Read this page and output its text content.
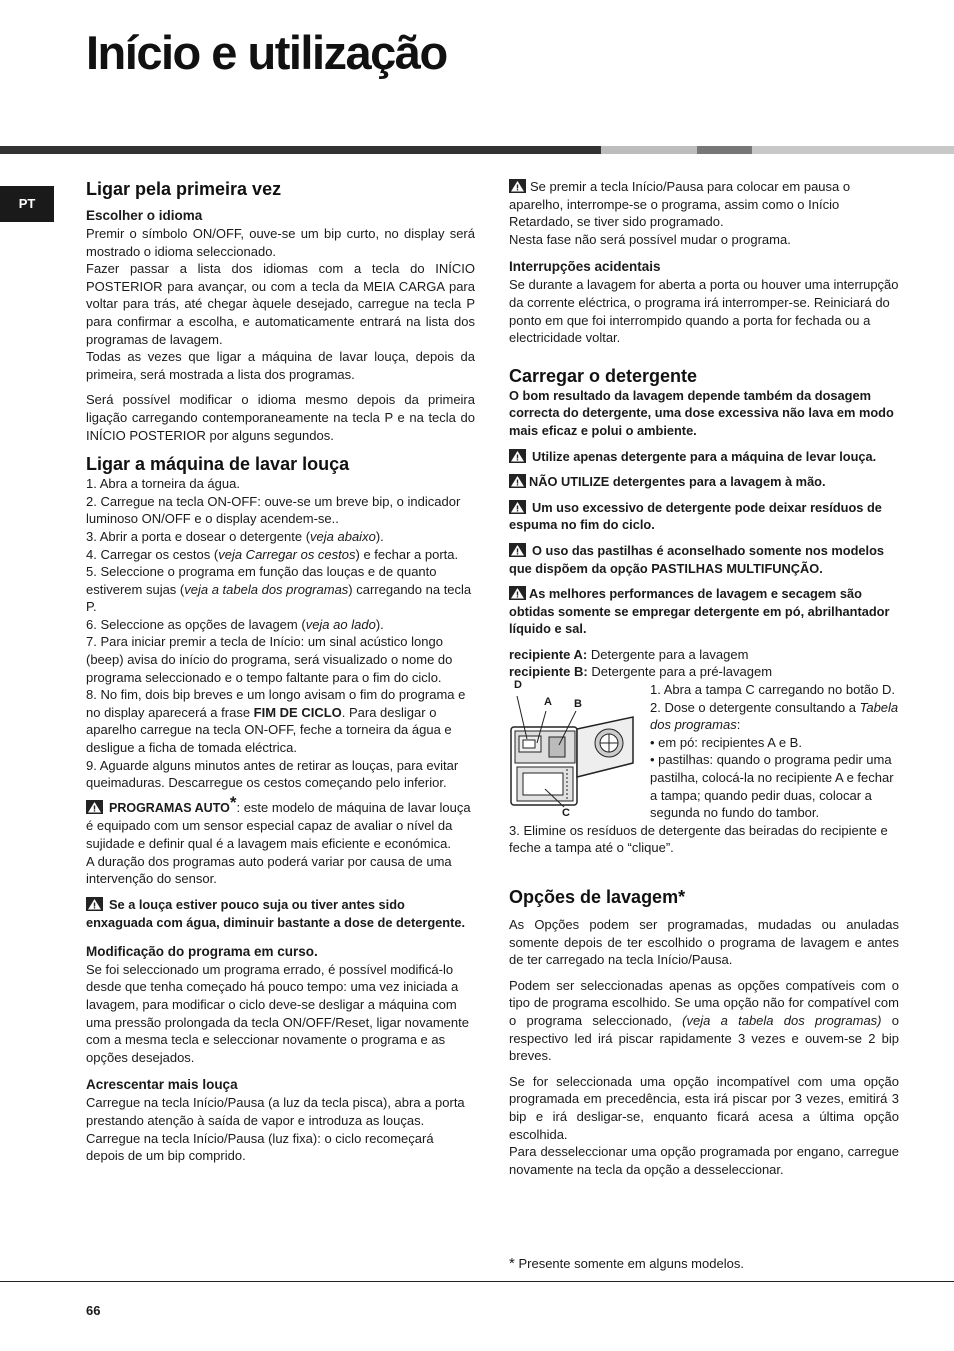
Início e utilização
PT
Ligar pela primeira vez
Escolher o idioma

Premir o símbolo ON/OFF, ouve-se um bip curto, no display será mostrado o idioma seleccionado.

Fazer passar a lista dos idiomas com a tecla do INÍCIO POSTERIOR para avançar, ou com a tecla da MEIA CARGA para voltar para trás, até chegar àquele desejado, carregue na tecla P para confirmar a escolha, e automaticamente entrará na lista dos programas de lavagem.

Todas as vezes que ligar a máquina de lavar louça, depois da primeira, será mostrada a lista dos programas.

Será possível modificar o idioma mesmo depois da primeira ligação carregando contemporaneamente na tecla P e na tecla do INÍCIO POSTERIOR por alguns segundos.

Ligar a máquina de lavar louça

1. Abra a torneira da água.

2. Carregue na tecla ON-OFF: ouve-se um breve bip, o indicador luminoso ON/OFF e o display acendem-se..

3. Abrir a porta e dosear o detergente (veja abaixo).

4. Carregar os cestos (veja Carregar os cestos) e fechar a porta.

5. Seleccione o programa em função das louças e de quanto estiverem sujas (veja a tabela dos programas) carregando na tecla P.

6. Seleccione as opções de lavagem (veja ao lado).

7. Para iniciar premir a tecla de Início: um sinal acústico longo (beep) avisa do início do programa, será visualizado o nome do programa seleccionado e o tempo faltante para o fim do ciclo.

8. No fim, dois bip breves e um longo avisam o fim do programa e no display aparecerá a frase FIM DE CICLO. Para desligar o aparelho carregue na tecla ON-OFF, feche a torneira da água e desligue a ficha de tomada eléctrica.

9. Aguarde alguns minutos antes de retirar as louças, para evitar queimaduras. Descarregue os cestos começando pelo inferior.

PROGRAMAS AUTO*: este modelo de máquina de lavar louça é equipado com um sensor especial capaz de avaliar o nível da sujidade e definir qual é a lavagem mais eficiente e económica.

A duração dos programas auto poderá variar por causa de uma intervenção do sensor.

Se a louça estiver pouco suja ou tiver antes sido enxaguada com água, diminuir bastante a dose de detergente.

Modificação do programa em curso.

Se foi seleccionado um programa errado, é possível modificá-lo desde que tenha começado há pouco tempo: uma vez iniciada a lavagem, para modificar o ciclo deve-se desligar a máquina com uma pressão prolongada da tecla ON/OFF/Reset, ligar novamente com a mesma tecla e seleccionar novamente o programa e as opções desejados.

Acrescentar mais louça

Carregue na tecla Início/Pausa (a luz da tecla pisca), abra a porta prestando atenção à saída de vapor e introduza as louças. Carregue na tecla Início/Pausa (luz fixa): o ciclo recomeçará depois de um bip comprido.

Se premir a tecla Início/Pausa para colocar em pausa o aparelho, interrompe-se o programa, assim como o Início Retardado, se tiver sido programado.

Nesta fase não será possível mudar o programa.

Interrupções acidentais

Se durante a lavagem for aberta a porta ou houver uma interrupção da corrente eléctrica, o programa irá interromper-se. Reiniciará do ponto em que foi interrompido quando a porta for fechada ou a electricidade voltar.

Carregar o detergente

O bom resultado da lavagem depende também da dosagem correcta do detergente, uma dose excessiva não lava em modo mais eficaz e polui o ambiente.

Utilize apenas detergente para a máquina de levar louça.

NÃO UTILIZE detergentes para a lavagem à mão.

Um uso excessivo de detergente pode deixar resíduos de espuma no fim do ciclo.

O uso das pastilhas é aconselhado somente nos modelos que dispõem da opção PASTILHAS MULTIFUNÇÃO.

As melhores performances de lavagem e secagem são obtidas somente se empregar detergente em pó, abrilhantador líquido e sal.

recipiente A: Detergente para a lavagem

recipiente B: Detergente para a pré-lavagem

D
A B
C

1. Abra a tampa C carregando no botão D.

2. Dose o detergente consultando a Tabela dos programas:

• em pó: recipientes A e B.

• pastilhas: quando o programa pedir uma pastilha, colocá-la no recipiente A e fechar a tampa; quando pedir duas, colocar a segunda no fundo do tambor.

3. Elimine os resíduos de detergente das beiradas do recipiente e feche a tampa até o “clique”.

Opções de lavagem*

As Opções podem ser programadas, mudadas ou anuladas somente depois de ter escolhido o programa de lavagem e antes de ter carregado na tecla Início/Pausa.

Podem ser seleccionadas apenas as opções compatíveis com o tipo de programa escolhido. Se uma opção não for compatível com o programa seleccionado, (veja a tabela dos programas) o respectivo led irá piscar rapidamente 3 vezes e ouvem-se 2 bip breves.

Se for seleccionada uma opção incompatível com uma opção programada em precedência, esta irá piscar por 3 vezes, emitirá 3 bip e irá desligar-se, enquanto ficará acesa a última opção escolhida.

Para desseleccionar uma opção programada por engano, carregue novamente na tecla da opção a desseleccionar.

* Presente somente em alguns modelos.
66
